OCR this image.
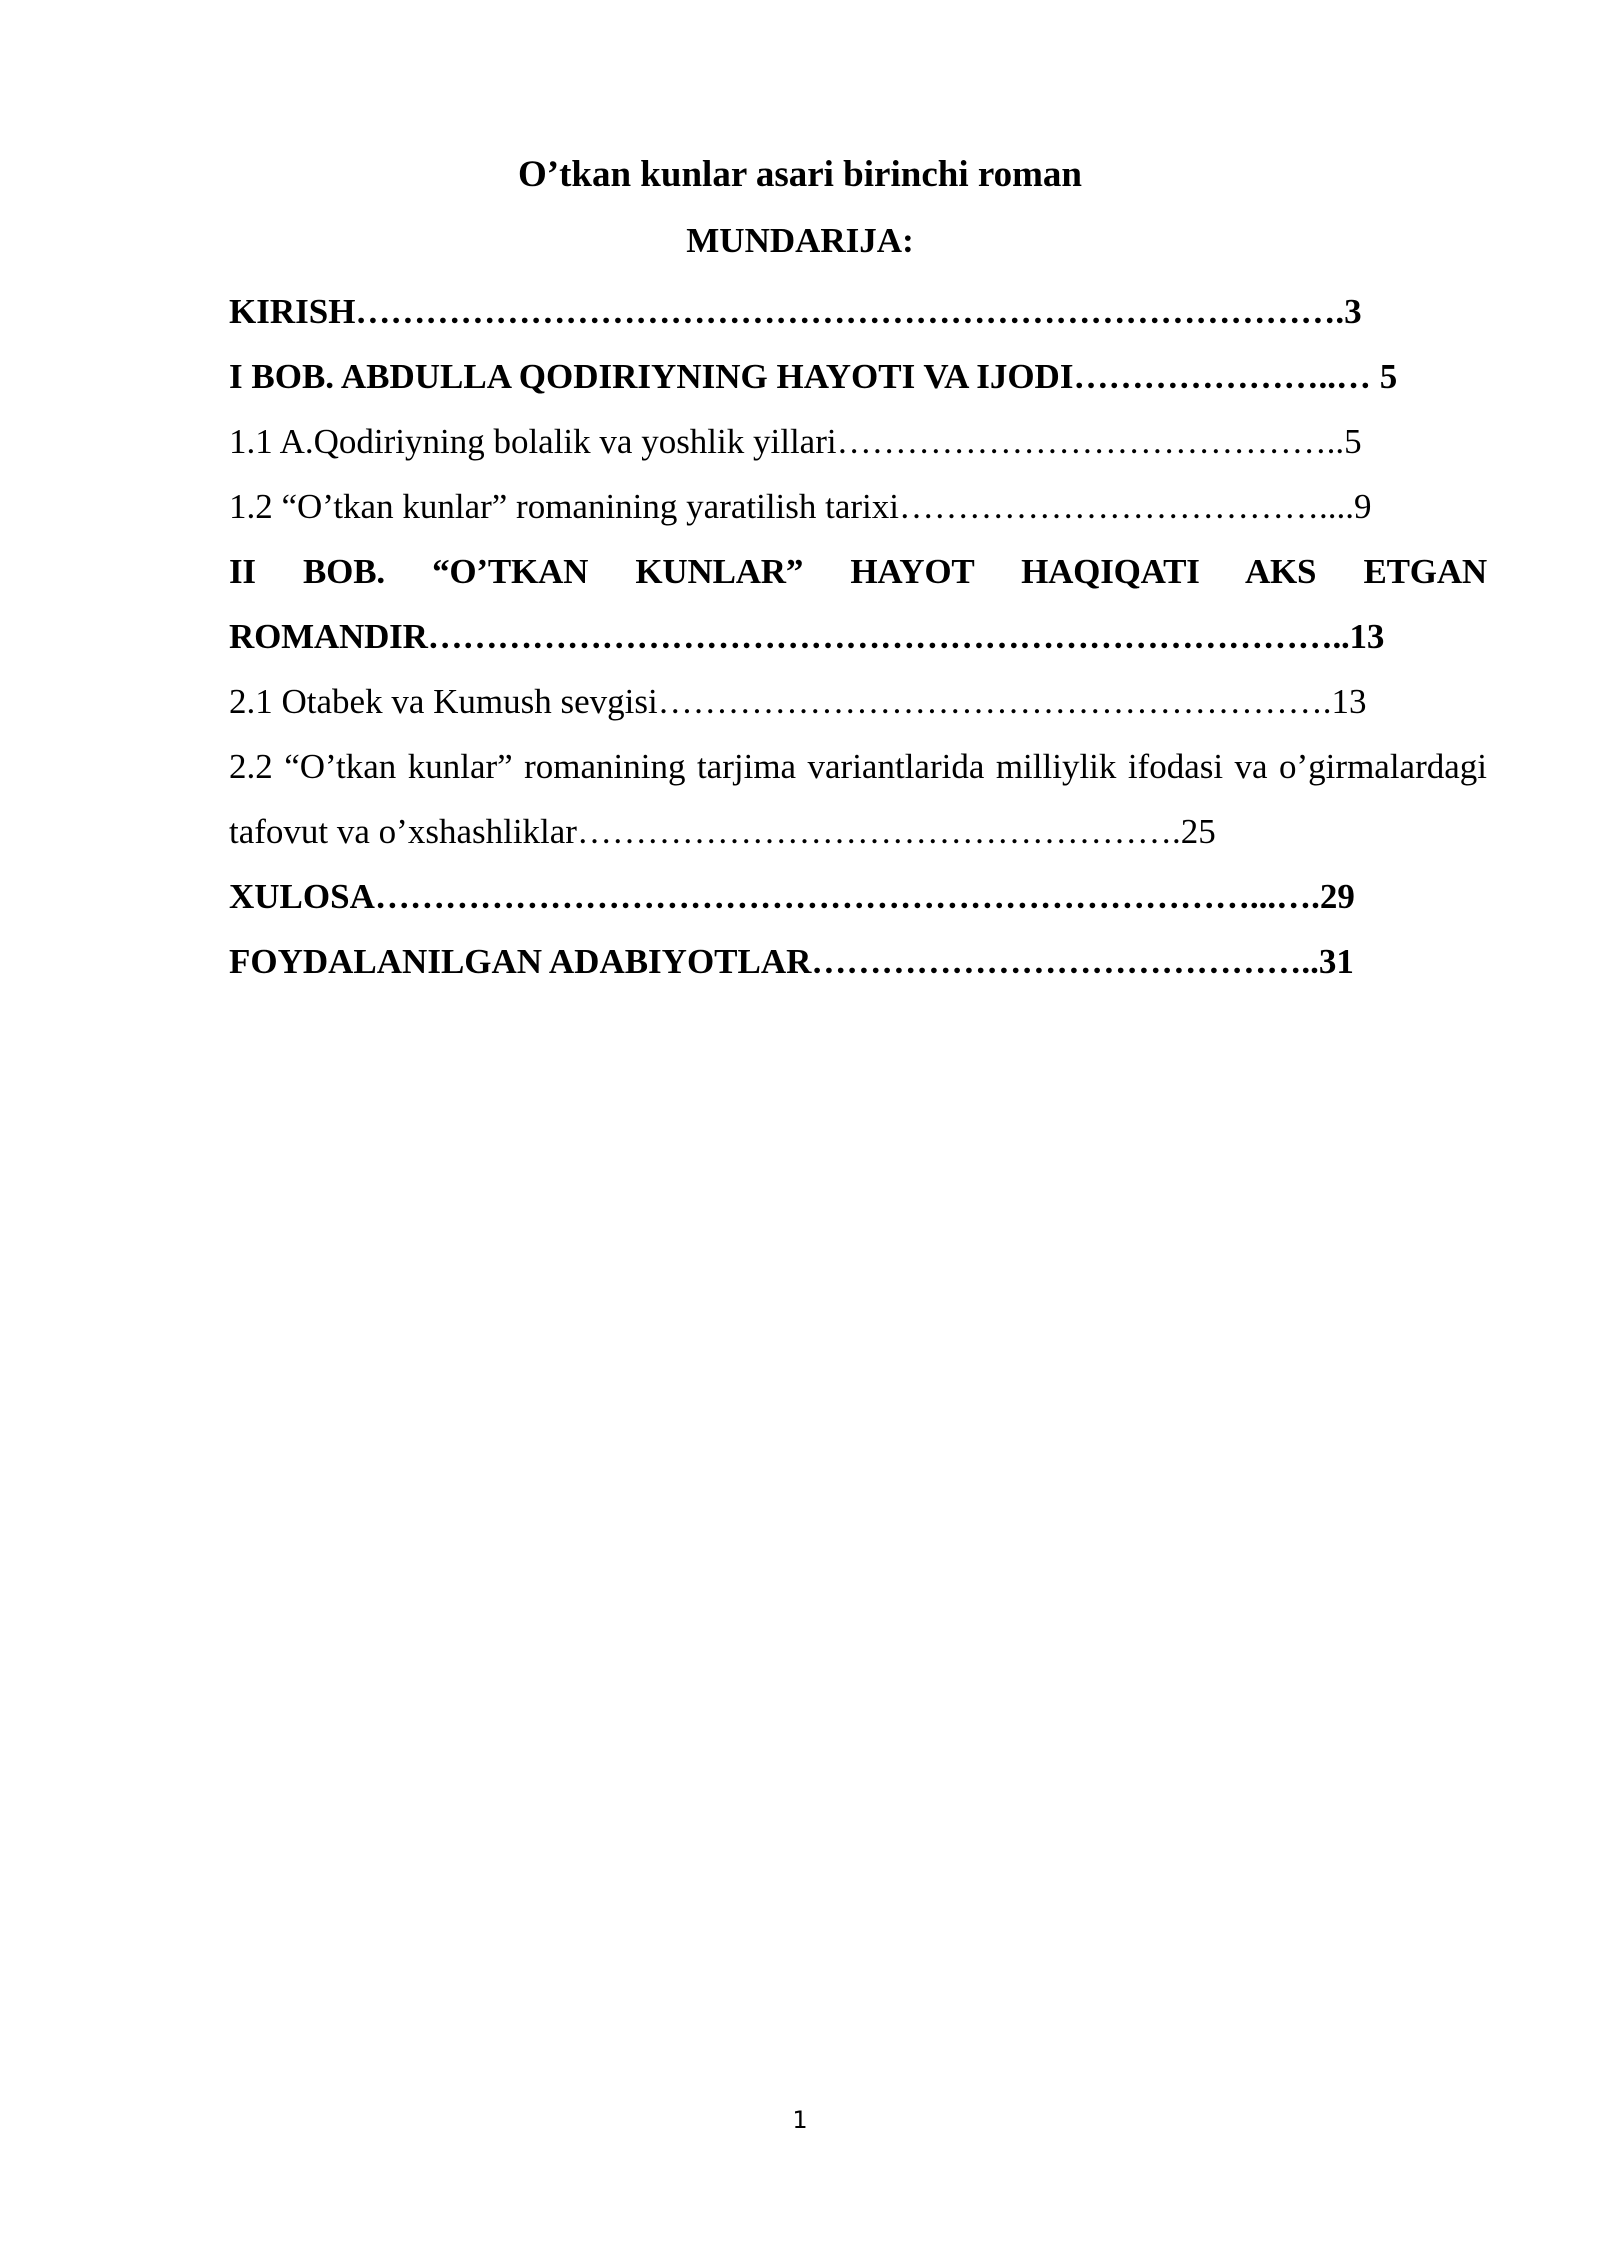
O’tkan kunlar asari birinchi roman
MUNDARIJA:

KIRISH………………………………………………………………………….3

I BOB. ABDULLA QODIRIYNING HAYOTI VA IJODI…………………..… 5

1.1 A.Qodiriyning bolalik va yoshlik yillari……………………………………..5

1.2 “O’tkan kunlar” romanining yaratilish tarixi………………………………....9

II BOB. “O’TKAN KUNLAR” HAYOT HAQIQATI AKS ETGAN ROMANDIR……………………………………………………………………..13

2.1 Otabek va Kumush sevgisi………………………………………………….13

2.2 “O’tkan kunlar” romanining tarjima variantlarida milliylik ifodasi va o’girmalardagi tafovut va o’xshashliklar…………………………………………….25

XULOSA…………………………………………………………………...….29

FOYDALANILGAN ADABIYOTLAR……………………………………..31

1
